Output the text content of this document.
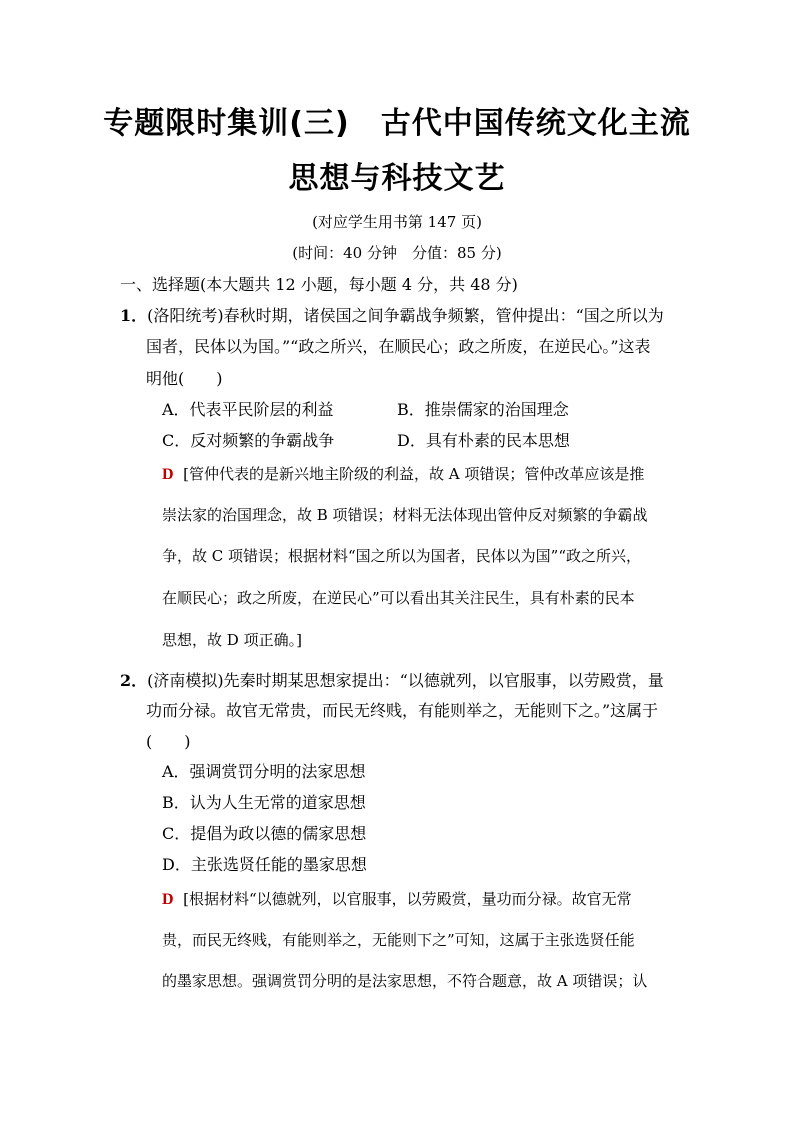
专题限时集训(三)　古代中国传统文化主流
思想与科技文艺
(对应学生用书第 147 页)
(时间：40 分钟　分值：85 分)
一、选择题(本大题共 12 小题，每小题 4 分，共 48 分)
1．(洛阳统考)春秋时期，诸侯国之间争霸战争频繁，管仲提出：“国之所以为
国者，民体以为国。”“政之所兴，在顺民心；政之所废，在逆民心。”这表
明他(　　)
A．代表平民阶层的利益	B．推崇儒家的治国理念
C．反对频繁的争霸战争	D．具有朴素的民本思想
D [管仲代表的是新兴地主阶级的利益，故 A 项错误；管仲改革应该是推
崇法家的治国理念，故 B 项错误；材料无法体现出管仲反对频繁的争霸战
争，故 C 项错误；根据材料“国之所以为国者，民体以为国”“政之所兴，
在顺民心；政之所废，在逆民心”可以看出其关注民生，具有朴素的民本
思想，故 D 项正确。]
2．(济南模拟)先秦时期某思想家提出：“以德就列，以官服事，以劳殿赏，量
功而分禄。故官无常贵，而民无终贱，有能则举之，无能则下之。”这属于
(　　)
A．强调赏罚分明的法家思想
B．认为人生无常的道家思想
C．提倡为政以德的儒家思想
D．主张选贤任能的墨家思想
D [根据材料“以德就列，以官服事，以劳殿赏，量功而分禄。故官无常
贵，而民无终贱，有能则举之，无能则下之”可知，这属于主张选贤任能
的墨家思想。强调赏罚分明的是法家思想，不符合题意，故 A 项错误；认
